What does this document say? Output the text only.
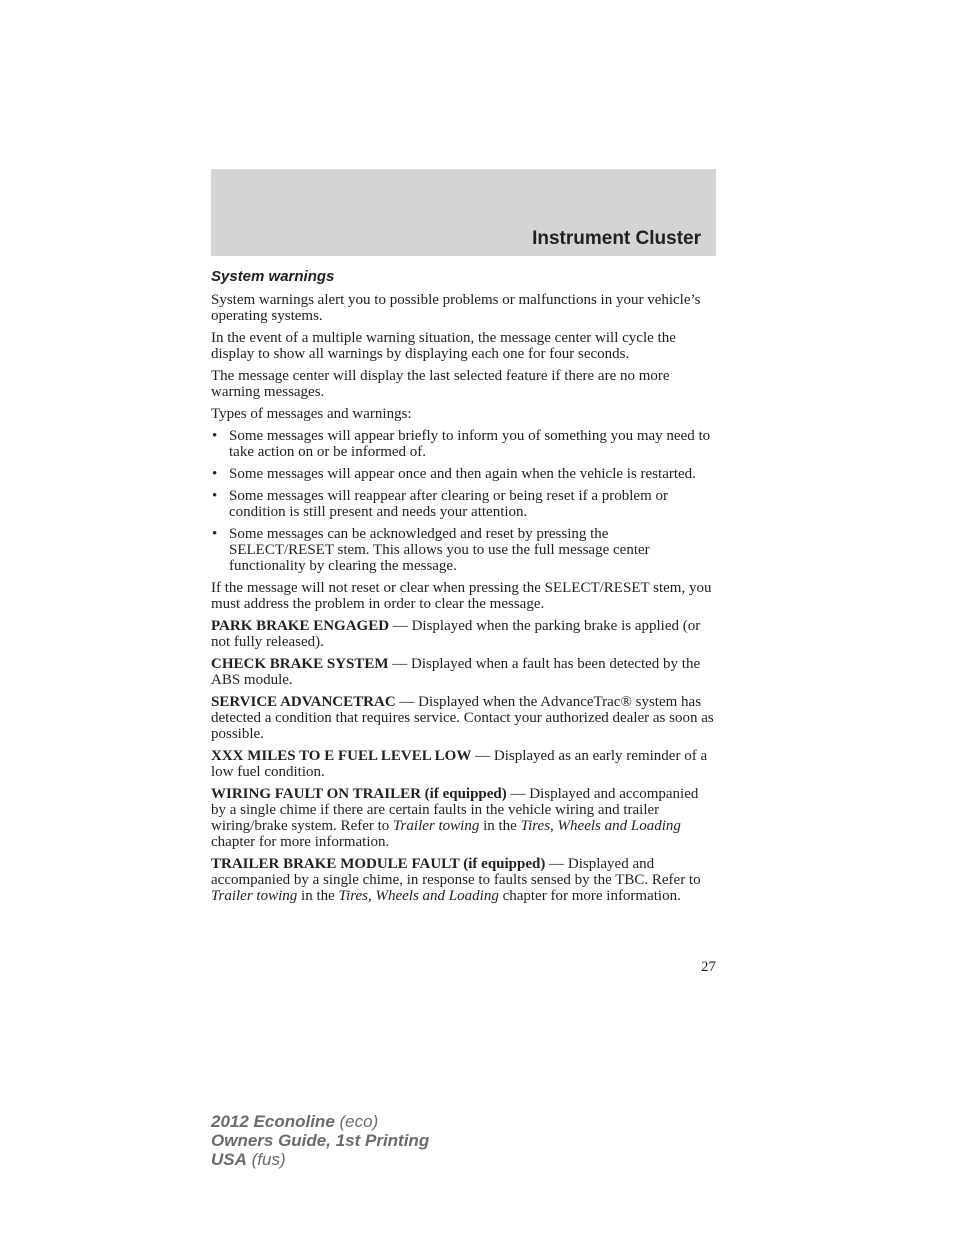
Instrument Cluster
System warnings

System warnings alert you to possible problems or malfunctions in your vehicle’s operating systems.

In the event of a multiple warning situation, the message center will cycle the display to show all warnings by displaying each one for four seconds.

The message center will display the last selected feature if there are no more warning messages.

Types of messages and warnings:

• Some messages will appear briefly to inform you of something you may need to take action on or be informed of.
• Some messages will appear once and then again when the vehicle is restarted.
• Some messages will reappear after clearing or being reset if a problem or condition is still present and needs your attention.
• Some messages can be acknowledged and reset by pressing the SELECT/RESET stem. This allows you to use the full message center functionality by clearing the message.

If the message will not reset or clear when pressing the SELECT/RESET stem, you must address the problem in order to clear the message.

PARK BRAKE ENGAGED — Displayed when the parking brake is applied (or not fully released).

CHECK BRAKE SYSTEM — Displayed when a fault has been detected by the ABS module.

SERVICE ADVANCETRAC — Displayed when the AdvanceTrac® system has detected a condition that requires service. Contact your authorized dealer as soon as possible.

XXX MILES TO E FUEL LEVEL LOW — Displayed as an early reminder of a low fuel condition.

WIRING FAULT ON TRAILER (if equipped) — Displayed and accompanied by a single chime if there are certain faults in the vehicle wiring and trailer wiring/brake system. Refer to Trailer towing in the Tires, Wheels and Loading chapter for more information.

TRAILER BRAKE MODULE FAULT (if equipped) — Displayed and accompanied by a single chime, in response to faults sensed by the TBC. Refer to Trailer towing in the Tires, Wheels and Loading chapter for more information.

27
2012 Econoline (eco)
Owners Guide, 1st Printing
USA (fus)
